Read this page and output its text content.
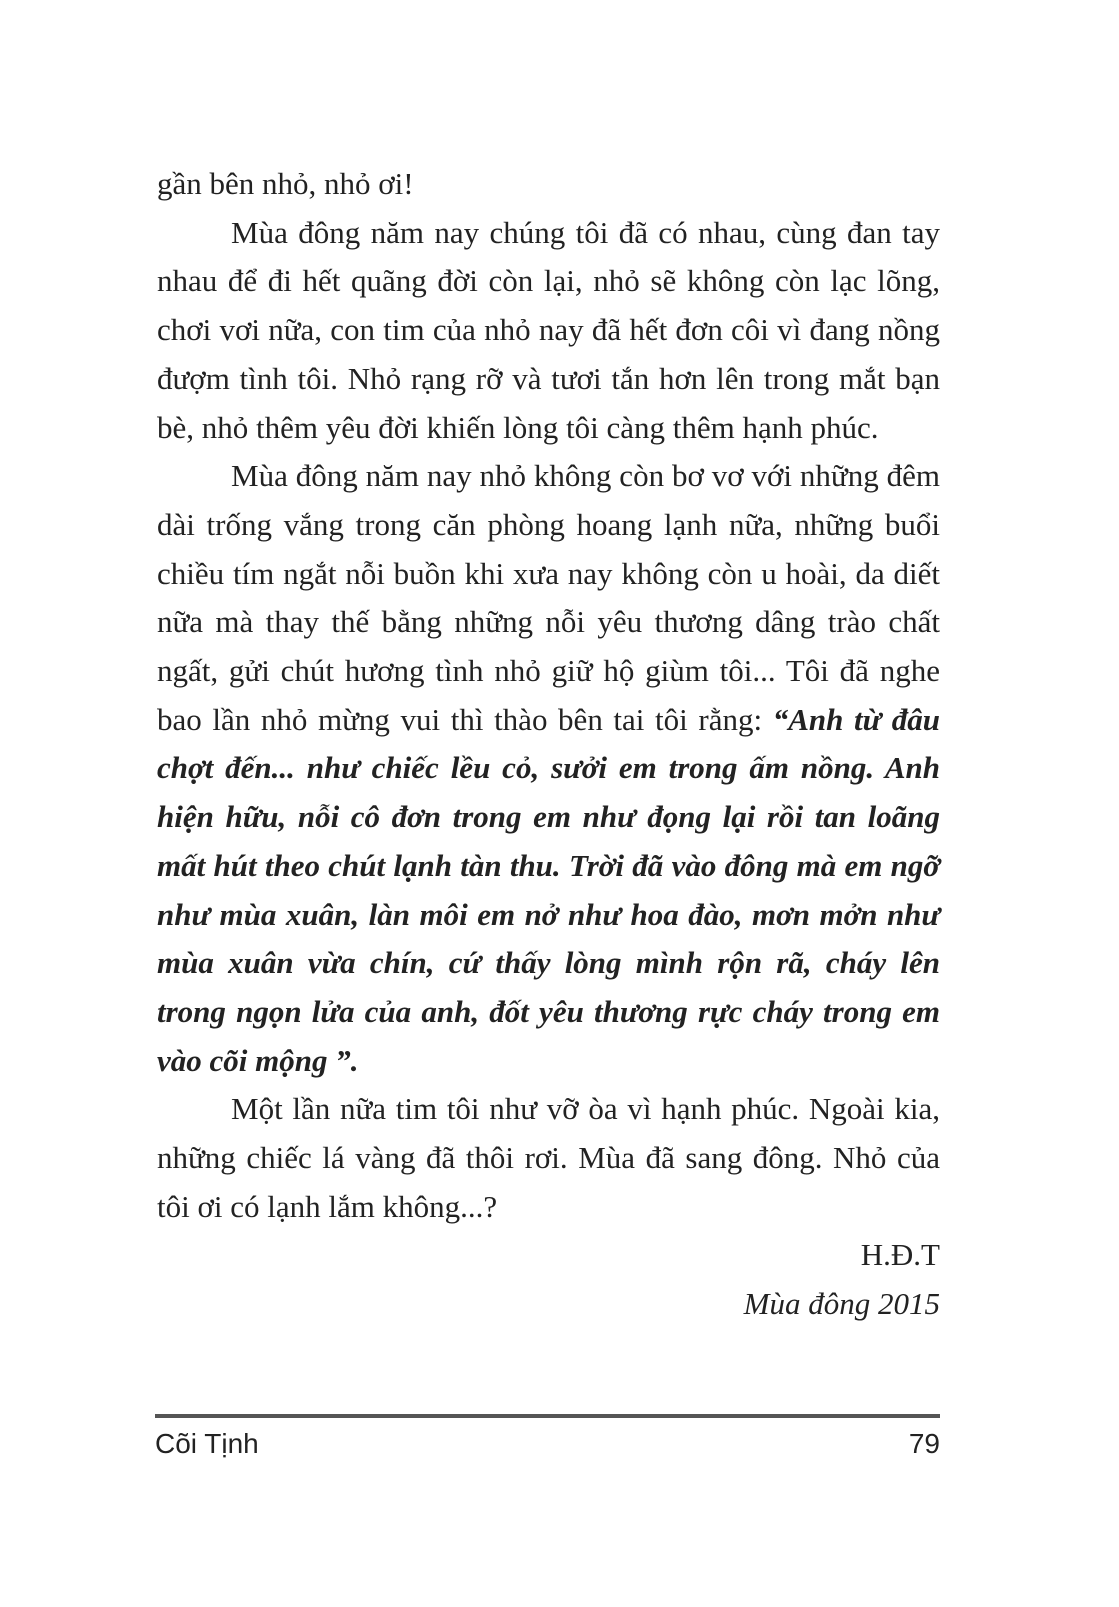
gần bên nhỏ, nhỏ ơi!

Mùa đông năm nay chúng tôi đã có nhau, cùng đan tay nhau để đi hết quãng đời còn lại, nhỏ sẽ không còn lạc lõng, chơi vơi nữa, con tim của nhỏ nay đã hết đơn côi vì đang nồng đượm tình tôi. Nhỏ rạng rỡ và tươi tắn hơn lên trong mắt bạn bè, nhỏ thêm yêu đời khiến lòng tôi càng thêm hạnh phúc.

Mùa đông năm nay nhỏ không còn bơ vơ với những đêm dài trống vắng trong căn phòng hoang lạnh nữa, những buổi chiều tím ngắt nỗi buồn khi xưa nay không còn u hoài, da diết nữa mà thay thế bằng những nỗi yêu thương dâng trào chất ngất, gửi chút hương tình nhỏ giữ hộ giùm tôi... Tôi đã nghe bao lần nhỏ mừng vui thì thào bên tai tôi rằng: “Anh từ đâu chợt đến... như chiếc lều cỏ, sưởi em trong ấm nồng. Anh hiện hữu, nỗi cô đơn trong em như đọng lại rồi tan loãng mất hút theo chút lạnh tàn thu. Trời đã vào đông mà em ngỡ như mùa xuân, làn môi em nở như hoa đào, mơn mởn như mùa xuân vừa chín, cứ thấy lòng mình rộn rã, cháy lên trong ngọn lửa của anh, đốt yêu thương rực cháy trong em vào cõi mộng ”.

Một lần nữa tim tôi như vỡ òa vì hạnh phúc. Ngoài kia, những chiếc lá vàng đã thôi rơi. Mùa đã sang đông. Nhỏ của tôi ơi có lạnh lắm không...?

H.Đ.T

Mùa đông 2015

Cõi Tịnh	79
